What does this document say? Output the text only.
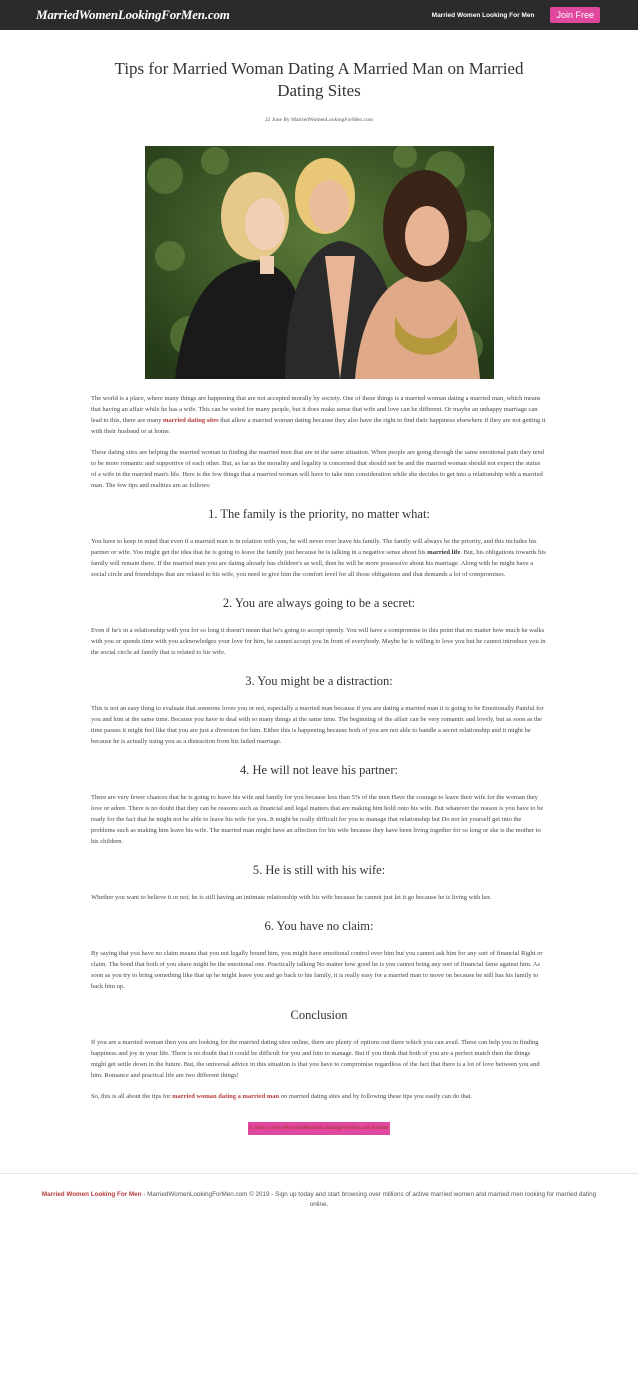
MarriedWomenLookingForMen.com	Married Women Looking For Men	Join Free
Tips for Married Woman Dating A Married Man on Married Dating Sites
22 June By MarriedWomenLookingForMen.com

The world is a place, where many things are happening that are not accepted morally by society. One of these things is a married woman dating a married man, which means that having an affair while he has a wife. This can be weird for many people, but it does make sense that wife and love can be different. Or maybe an unhappy marriage can lead to this, there are many married dating sites that allow a married woman dating because they also have the right to find their happiness elsewhere if they are not getting it with their husband or at home.

These dating sites are helping the married woman in finding the married men that are in the same situation. When people are going through the same emotional pain they tend to be more romantic and supportive of each other. But, as far as the morality and legality is concerned that should not be and the married woman should not expect the status of a wife in the married man's life. Here is the few things that a married woman will have to take into consideration while she decides to get into a relationship with a married man. The few tips and realities are as follows:

1. The family is the priority, no matter what:

You have to keep in mind that even if a married man is in relation with you, he will never ever leave his family. The family will always be the priority, and this includes his partner or wife. You might get the idea that he is going to leave the family just because he is talking in a negative sense about his married life. But, his obligations towards his family will remain there. If the married man you are dating already has children's as well, then he will be more possessive about his marriage. Along with he might have a social circle and friendships that are related to his wife, you need to give him the comfort level for all those obligations and that demands a lot of compromises.

2. You are always going to be a secret:

Even if he's in a relationship with you for so long it doesn't mean that he's going to accept openly. You will have a compromise to this point that no matter how much he walks with you or spends time with you acknowledges your love for him, he cannot accept you In front of everybody. Maybe he is willing to love you but he cannot introduce you in the social circle ad family that is related to his wife.

3. You might be a distraction:

This is not an easy thing to evaluate that someone loves you or not, especially a married man because if you are dating a married man it is going to be Emotionally Painful for you and him at the same time. Because you have to deal with so many things at the same time. The beginning of the affair can be very romantic and lovely, but as soon as the time passes it might feel like that you are just a diversion for him. Either this is happening because both of you are not able to handle a secret relationship and it might be because he is actually using you as a distraction from his failed marriage.

4. He will not leave his partner:

There are very fewer chances that he is going to leave his wife and family for you because less than 5% of the men Have the courage to leave their wife for the woman they love or adore. There is no doubt that they can be reasons such as financial and legal matters that are making him hold onto his wife. But whatever the reason is you have to be ready for the fact that he might not be able to leave his wife for you. It might be really difficult for you to manage that relationship but Do not let yourself get into the problems such as making him leave his wife. The married man might have an affection for his wife because they have been living together for so long or she is the mother to his children.

5. He is still with his wife:

Whether you want to believe it or not, he is still having an intimate relationship with his wife because he cannot just let it go because he is living with her.

6. You have no claim:

By saying that you have no claim means that you not legally bound him, you might have emotional control over him but you cannot ask him for any sort of financial Right or claim. The bond that both of you share might be the emotional one. Practically talking No matter how good he is you cannot bring any sort of financial fame against him. As soon as you try to bring something like that up he might leave you and go back to his family, it is really easy for a married man to move on because he still has his family to back him up.

Conclusion

If you are a married woman then you are looking for the married dating sites online, there are plenty of options out there which you can avail. These can help you in finding happiness and joy in your life. There is no doubt that it could be difficult for you and him to manage. But if you think that both of you are a perfect match then the things might get settle down in the future. But, the universal advice in this situation is that you have to compromise regardless of the fact that there is a lot of love between you and him. Romance and practical life are two different things!

So, this is all about the tips for married woman dating a married man on married dating sites and by following these tips you easily can do that.

Create a Free MarriedWomenLookingForMen.com Profile
Married Women Looking For Men - MarriedWomenLookingForMen.com © 2019 - Sign up today and start browsing over millions of active married women and married men looking for married dating online.
